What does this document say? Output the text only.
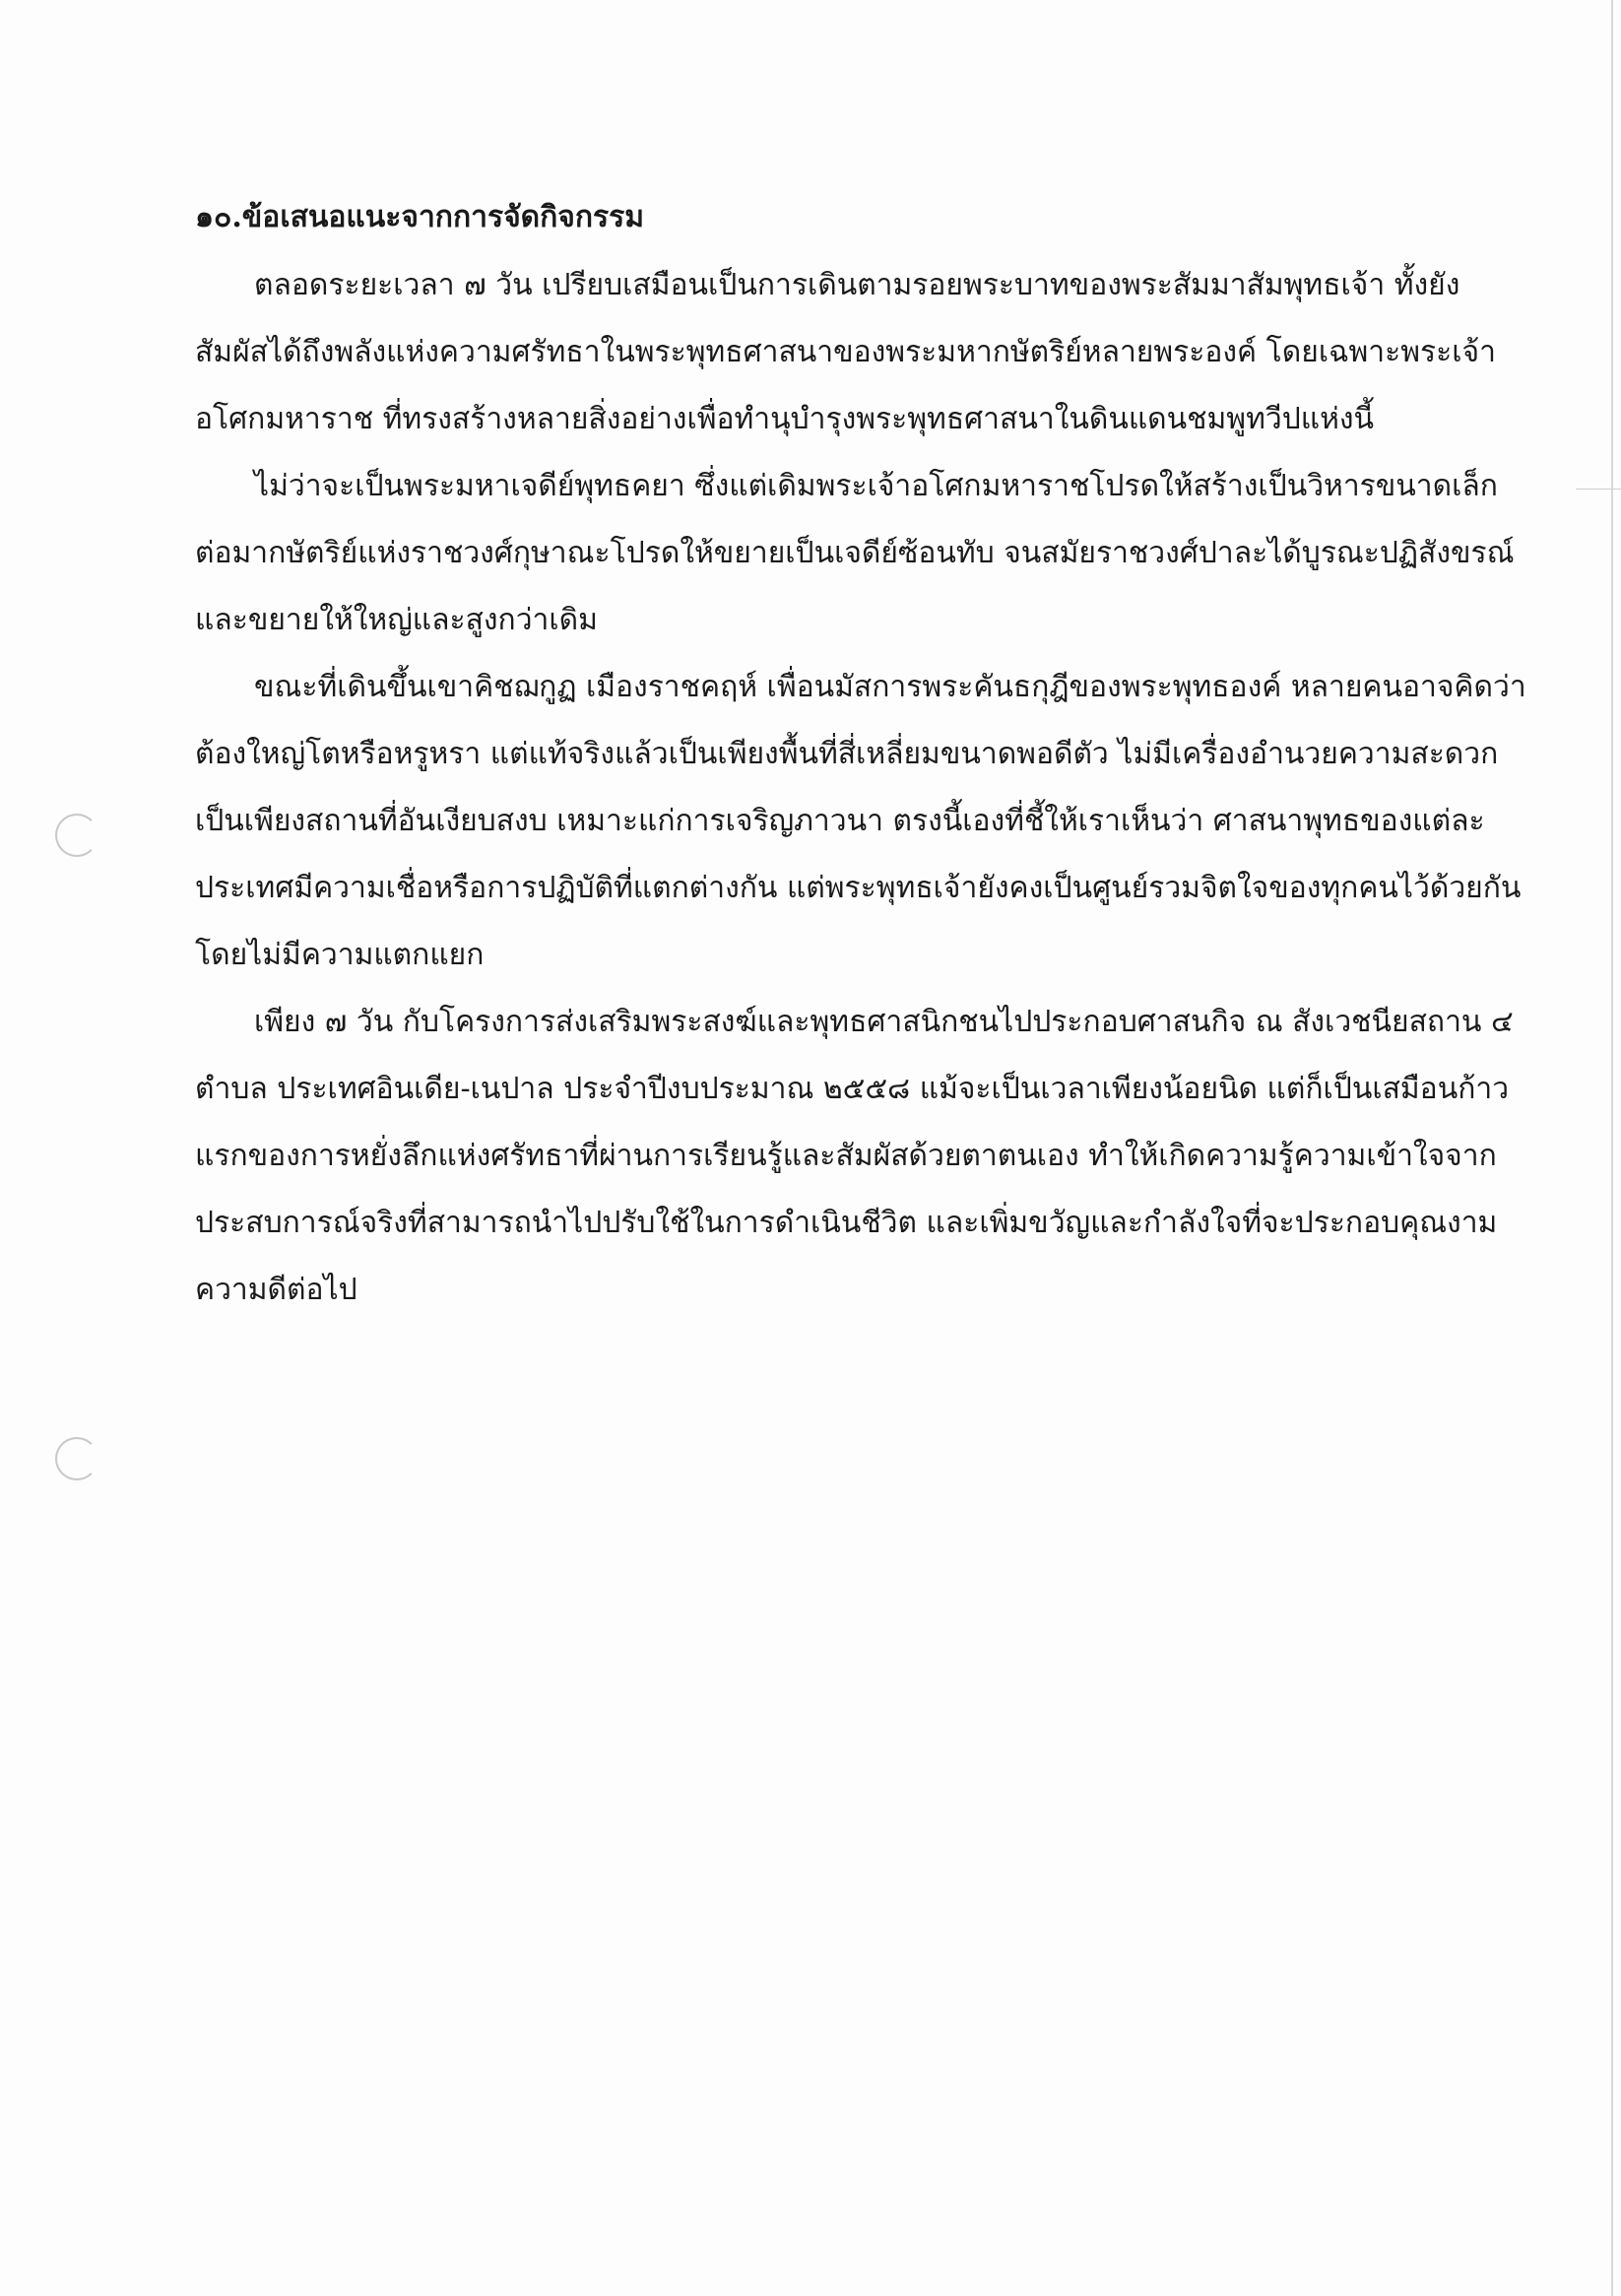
๑๐.ข้อเสนอแนะจากการจัดกิจกรรม
ตลอดระยะเวลา ๗ วัน เปรียบเสมือนเป็นการเดินตามรอยพระบาทของพระสัมมาสัมพุทธเจ้า ทั้งยัง
สัมผัสได้ถึงพลังแห่งความศรัทธาในพระพุทธศาสนาของพระมหากษัตริย์หลายพระองค์ โดยเฉพาะพระเจ้า
อโศกมหาราช ที่ทรงสร้างหลายสิ่งอย่างเพื่อทำนุบำรุงพระพุทธศาสนาในดินแดนชมพูทวีปแห่งนี้
ไม่ว่าจะเป็นพระมหาเจดีย์พุทธคยา ซึ่งแต่เดิมพระเจ้าอโศกมหาราชโปรดให้สร้างเป็นวิหารขนาดเล็ก
ต่อมากษัตริย์แห่งราชวงศ์กุษาณะโปรดให้ขยายเป็นเจดีย์ซ้อนทับ จนสมัยราชวงศ์ปาละได้บูรณะปฏิสังขรณ์
และขยายให้ใหญ่และสูงกว่าเดิม
ขณะที่เดินขึ้นเขาคิชฌกูฏ เมืองราชคฤห์ เพื่อนมัสการพระคันธกุฎีของพระพุทธองค์ หลายคนอาจคิดว่า
ต้องใหญ่โตหรือหรูหรา แต่แท้จริงแล้วเป็นเพียงพื้นที่สี่เหลี่ยมขนาดพอดีตัว ไม่มีเครื่องอำนวยความสะดวก
เป็นเพียงสถานที่อันเงียบสงบ เหมาะแก่การเจริญภาวนา ตรงนี้เองที่ชี้ให้เราเห็นว่า ศาสนาพุทธของแต่ละ
ประเทศมีความเชื่อหรือการปฏิบัติที่แตกต่างกัน แต่พระพุทธเจ้ายังคงเป็นศูนย์รวมจิตใจของทุกคนไว้ด้วยกัน
โดยไม่มีความแตกแยก
เพียง ๗ วัน กับโครงการส่งเสริมพระสงฆ์และพุทธศาสนิกชนไปประกอบศาสนกิจ ณ สังเวชนียสถาน ๔
ตำบล ประเทศอินเดีย-เนปาล ประจำปีงบประมาณ ๒๕๕๘ แม้จะเป็นเวลาเพียงน้อยนิด แต่ก็เป็นเสมือนก้าว
แรกของการหยั่งลึกแห่งศรัทธาที่ผ่านการเรียนรู้และสัมผัสด้วยตาตนเอง ทำให้เกิดความรู้ความเข้าใจจาก
ประสบการณ์จริงที่สามารถนำไปปรับใช้ในการดำเนินชีวิต และเพิ่มขวัญและกำลังใจที่จะประกอบคุณงาม
ความดีต่อไป
